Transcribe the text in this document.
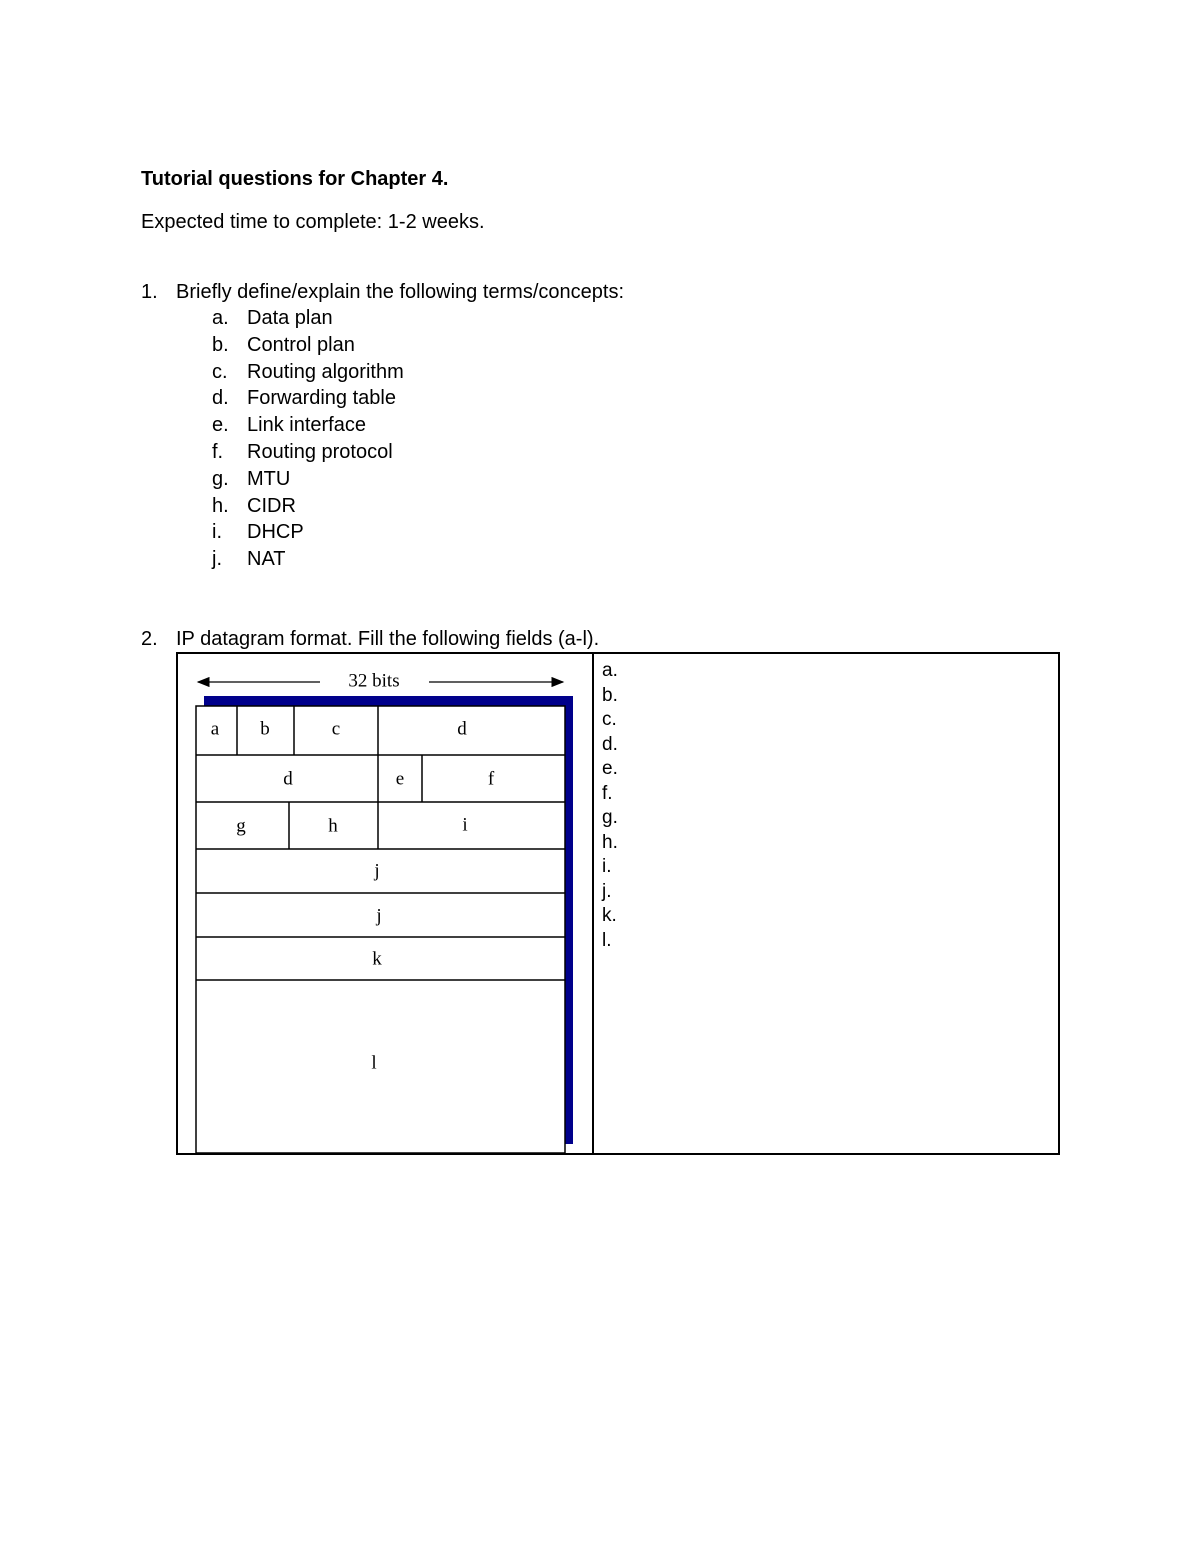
Tutorial questions for Chapter 4.
Expected time to complete: 1-2 weeks.
1. Briefly define/explain the following terms/concepts:
a. Data plan
b. Control plan
c. Routing algorithm
d. Forwarding table
e. Link interface
f. Routing protocol
g. MTU
h. CIDR
i. DHCP
j. NAT
2. IP datagram format. Fill the following fields (a-l).
32 bits
a b	c	d
d	e	f
g	h	i
j
j
k
l
a.
b.
c.
d.
e.
f.
g.
h.
i.
j.
k.
l.
